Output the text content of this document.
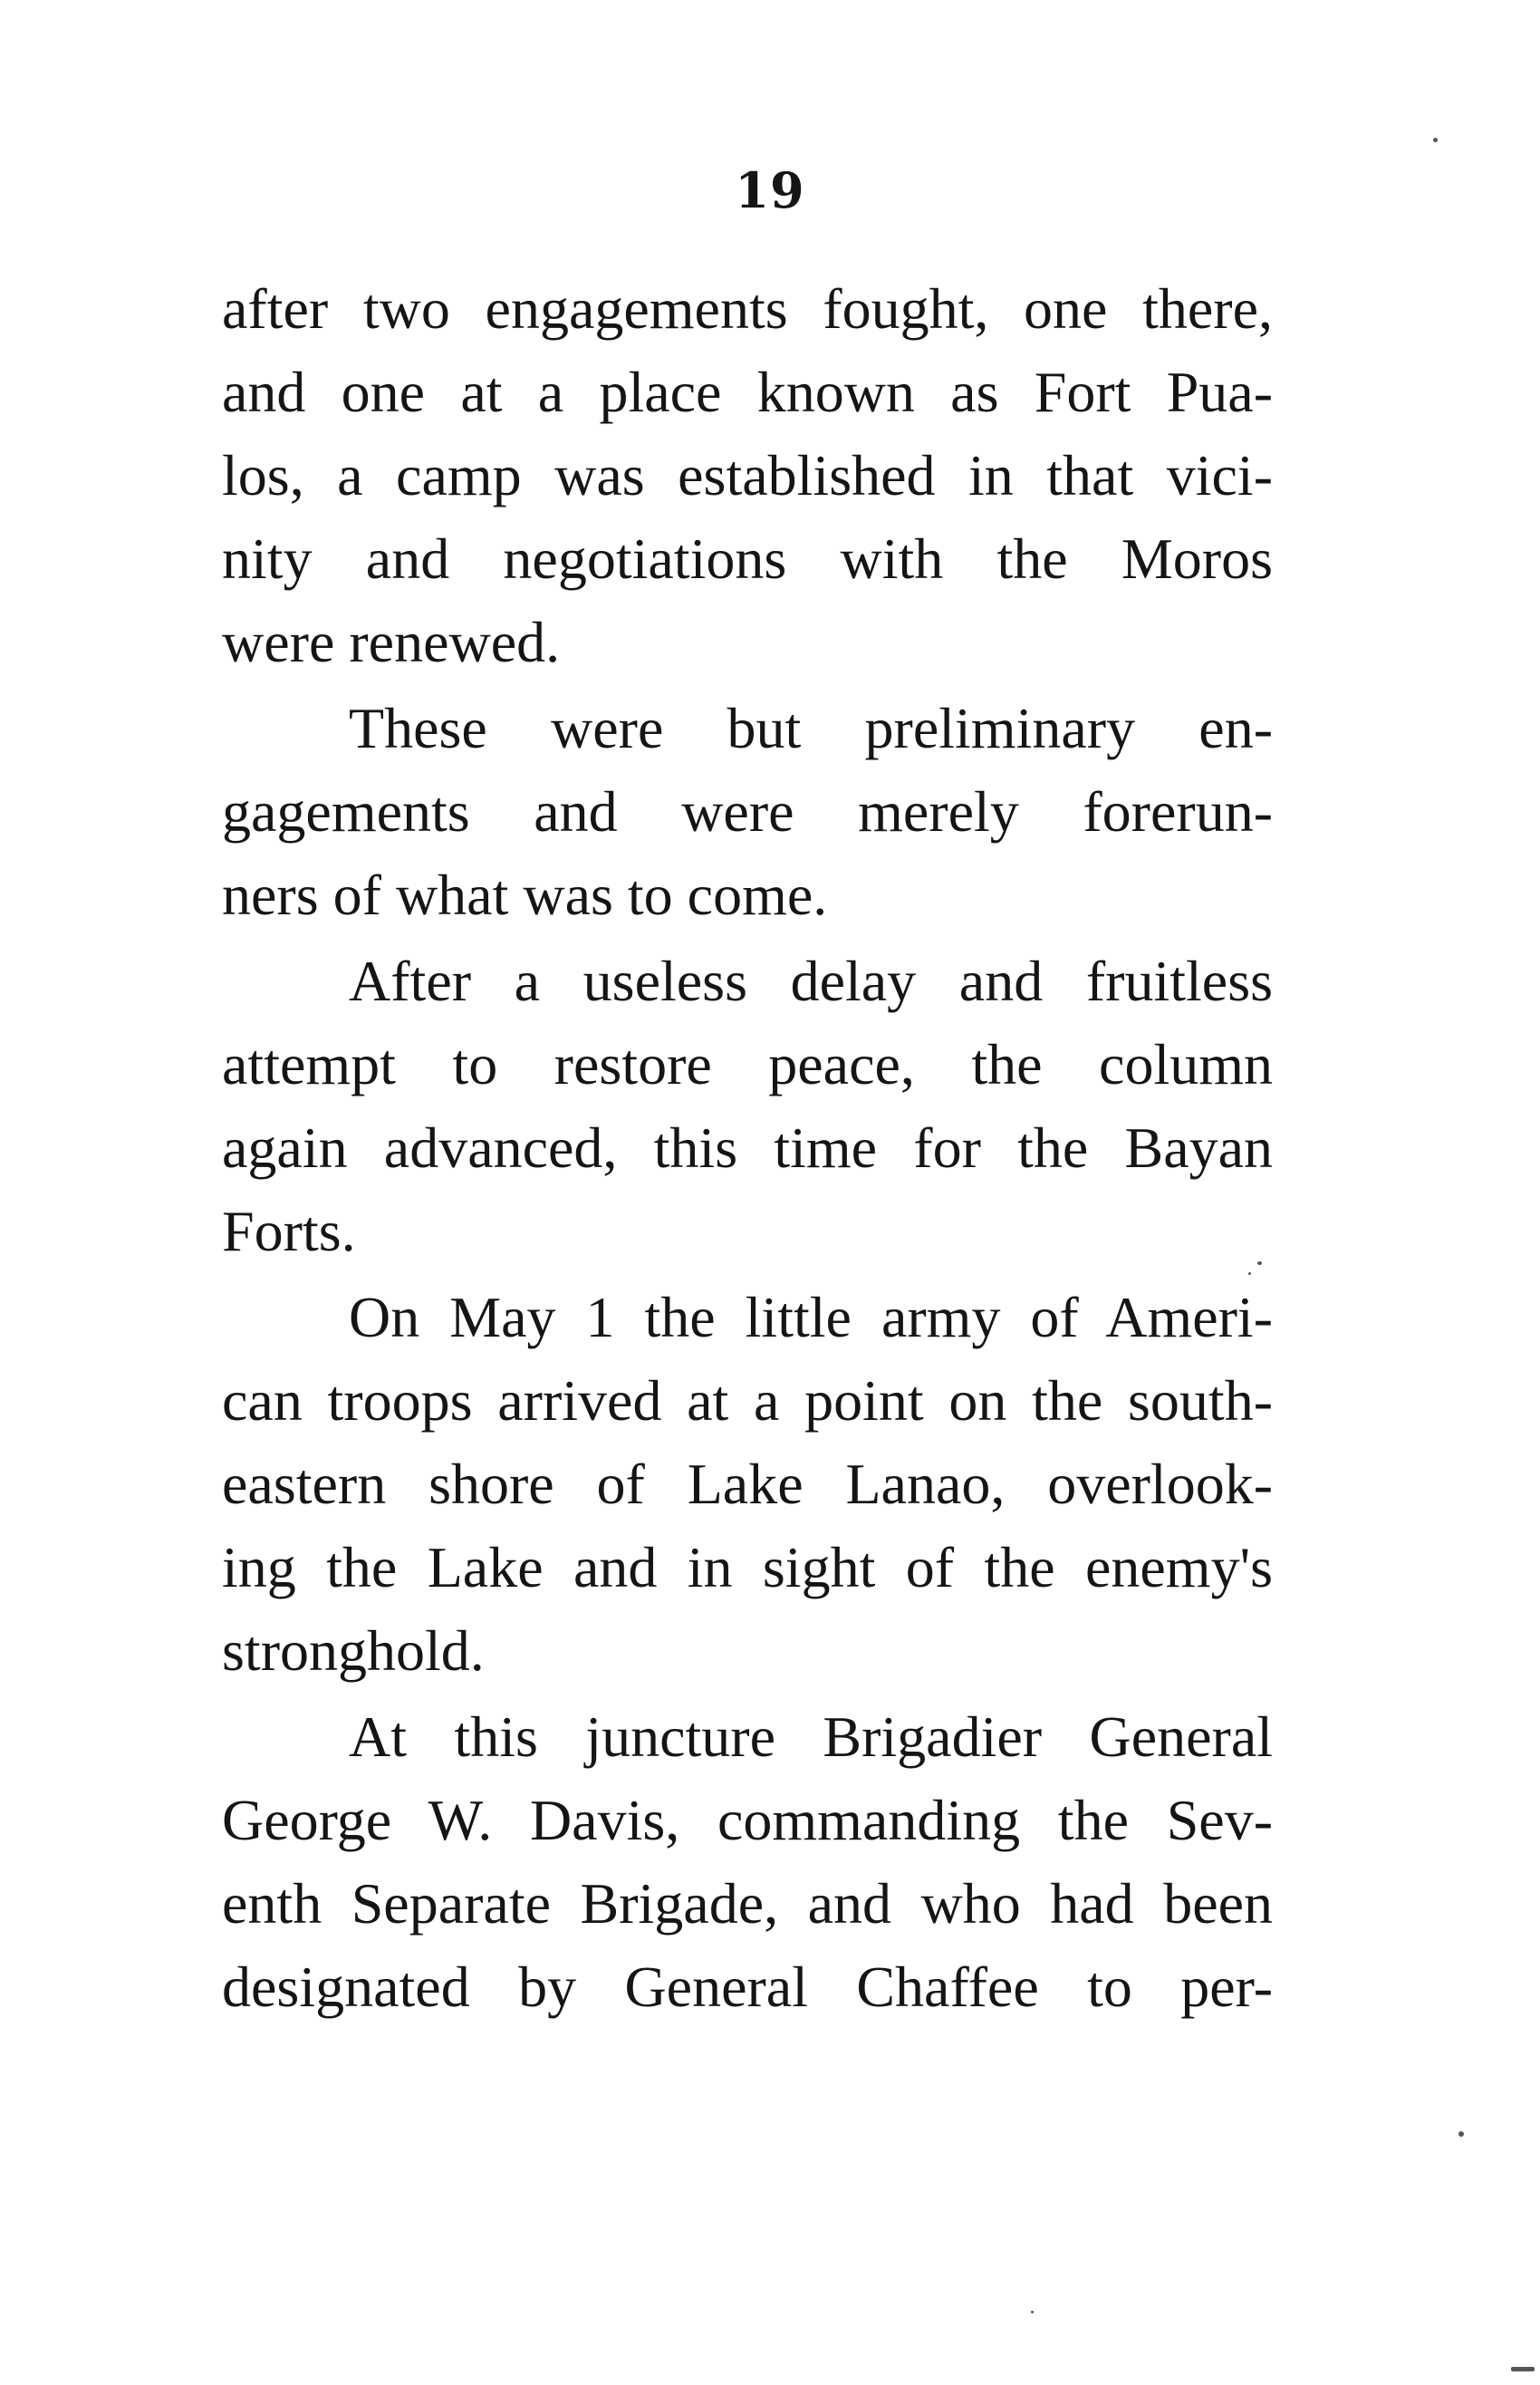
19
after two engagements fought, one there,
and one at a place known as Fort Pua-
los, a camp was established in that vici-
nity and negotiations with the Moros
were renewed.
These were but preliminary en-
gagements and were merely forerun-
ners of what was to come.
After a useless delay and fruitless
attempt to restore peace, the column
again advanced, this time for the Bayan
Forts.
On May 1 the little army of Ameri-
can troops arrived at a point on the south-
eastern shore of Lake Lanao, overlook-
ing the Lake and in sight of the enemy's
stronghold.
At this juncture Brigadier General
George W. Davis, commanding the Sev-
enth Separate Brigade, and who had been
designated by General Chaffee to per-
